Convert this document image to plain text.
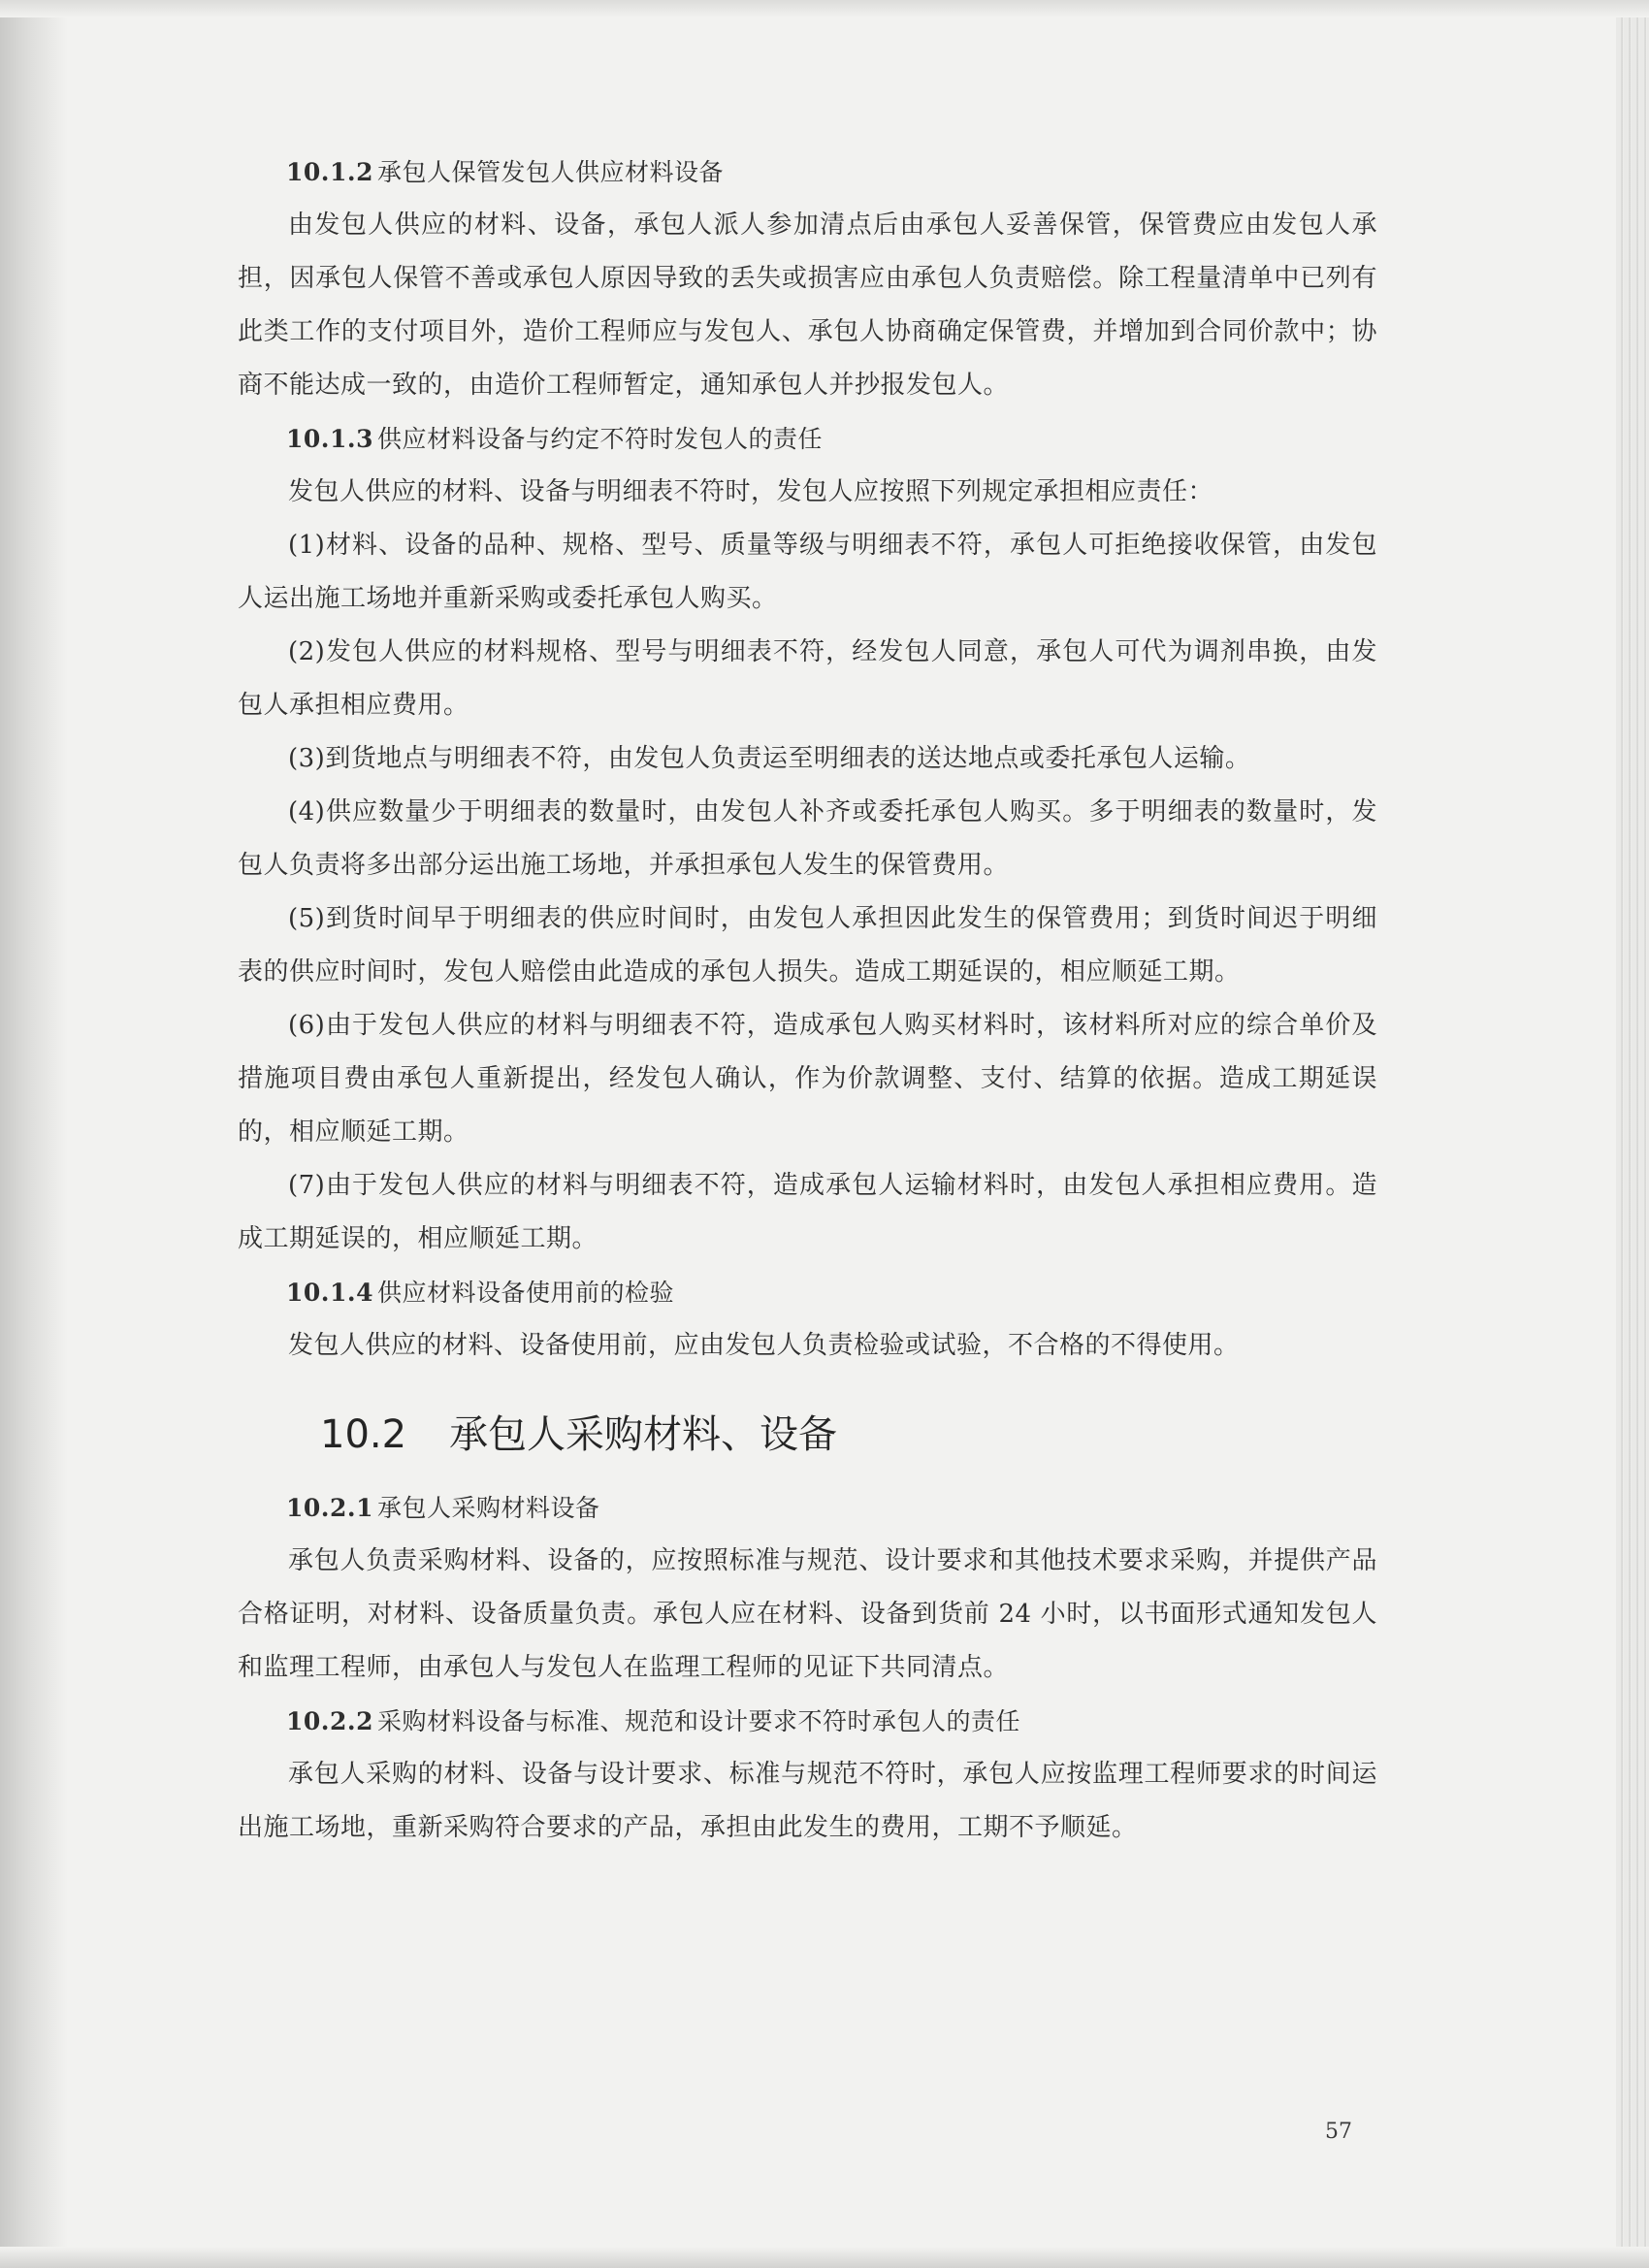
10.1.2 承包人保管发包人供应材料设备

由发包人供应的材料、设备，承包人派人参加清点后由承包人妥善保管，保管费应由发包人承担，因承包人保管不善或承包人原因导致的丢失或损害应由承包人负责赔偿。除工程量清单中已列有此类工作的支付项目外，造价工程师应与发包人、承包人协商确定保管费，并增加到合同价款中；协商不能达成一致的，由造价工程师暂定，通知承包人并抄报发包人。

10.1.3 供应材料设备与约定不符时发包人的责任

发包人供应的材料、设备与明细表不符时，发包人应按照下列规定承担相应责任：

(1)材料、设备的品种、规格、型号、质量等级与明细表不符，承包人可拒绝接收保管，由发包人运出施工场地并重新采购或委托承包人购买。

(2)发包人供应的材料规格、型号与明细表不符，经发包人同意，承包人可代为调剂串换，由发包人承担相应费用。

(3)到货地点与明细表不符，由发包人负责运至明细表的送达地点或委托承包人运输。

(4)供应数量少于明细表的数量时，由发包人补齐或委托承包人购买。多于明细表的数量时，发包人负责将多出部分运出施工场地，并承担承包人发生的保管费用。

(5)到货时间早于明细表的供应时间时，由发包人承担因此发生的保管费用；到货时间迟于明细表的供应时间时，发包人赔偿由此造成的承包人损失。造成工期延误的，相应顺延工期。

(6)由于发包人供应的材料与明细表不符，造成承包人购买材料时，该材料所对应的综合单价及措施项目费由承包人重新提出，经发包人确认，作为价款调整、支付、结算的依据。造成工期延误的，相应顺延工期。

(7)由于发包人供应的材料与明细表不符，造成承包人运输材料时，由发包人承担相应费用。造成工期延误的，相应顺延工期。

10.1.4 供应材料设备使用前的检验

发包人供应的材料、设备使用前，应由发包人负责检验或试验，不合格的不得使用。

10.2 承包人采购材料、设备

10.2.1 承包人采购材料设备

承包人负责采购材料、设备的，应按照标准与规范、设计要求和其他技术要求采购，并提供产品合格证明，对材料、设备质量负责。承包人应在材料、设备到货前 24 小时，以书面形式通知发包人和监理工程师，由承包人与发包人在监理工程师的见证下共同清点。

10.2.2 采购材料设备与标准、规范和设计要求不符时承包人的责任

承包人采购的材料、设备与设计要求、标准与规范不符时，承包人应按监理工程师要求的时间运出施工场地，重新采购符合要求的产品，承担由此发生的费用，工期不予顺延。

57
